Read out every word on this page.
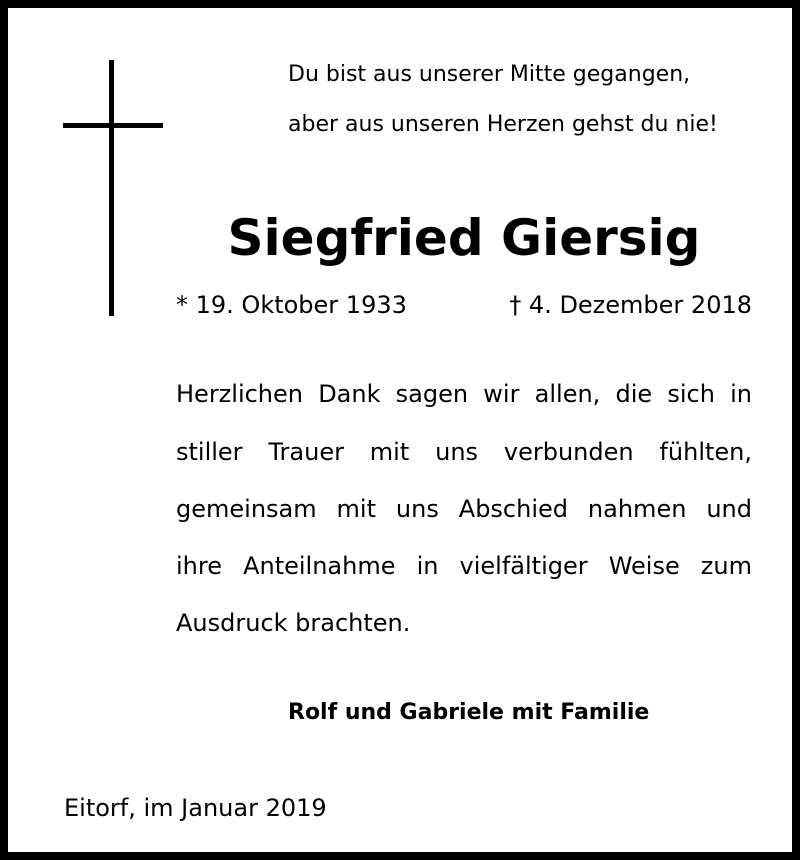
Du bist aus unserer Mitte gegangen,
aber aus unseren Herzen gehst du nie!
Siegfried Giersig
* 19. Oktober 1933	† 4. Dezember 2018
Herzlichen Dank sagen wir allen, die sich in
stiller Trauer mit uns verbunden fühlten,
gemeinsam mit uns Abschied nahmen und
ihre Anteilnahme in vielfältiger Weise zum
Ausdruck brachten.
Rolf und Gabriele mit Familie
Eitorf, im Januar 2019
